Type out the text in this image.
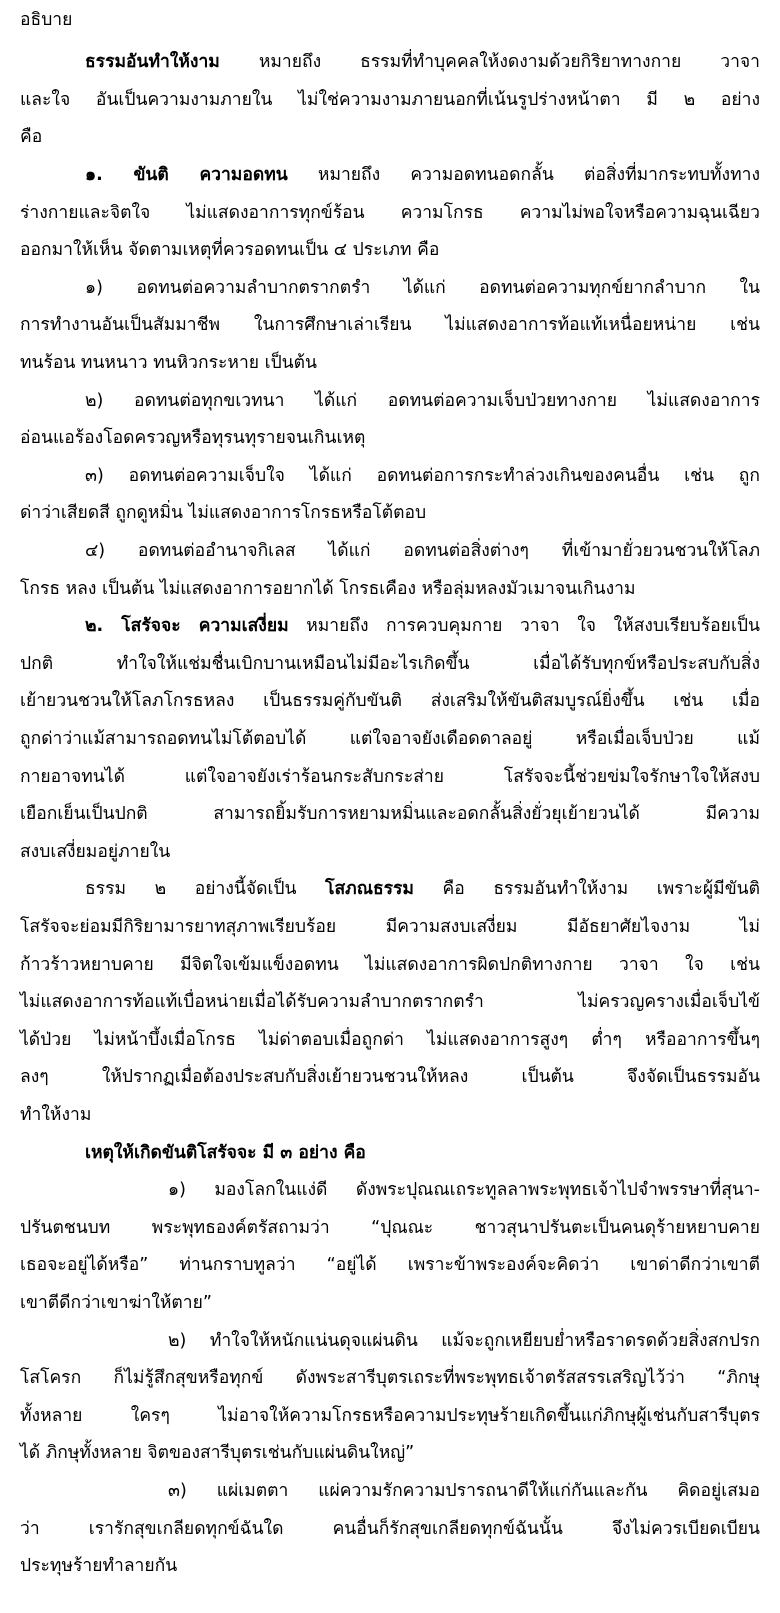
อธิบาย
ธรรมอันทำให้งาม หมายถึง ธรรมที่ทำบุคคลให้งดงามด้วยกิริยาทางกาย วาจา
และใจ อันเป็นความงามภายใน ไม่ใช่ความงามภายนอกที่เน้นรูปร่างหน้าตา มี ๒ อย่าง
คือ
๑. ขันติ ความอดทน หมายถึง ความอดทนอดกลั้น ต่อสิ่งที่มากระทบทั้งทาง
ร่างกายและจิตใจ ไม่แสดงอาการทุกข์ร้อน ความโกรธ ความไม่พอใจหรือความฉุนเฉียว
ออกมาให้เห็น จัดตามเหตุที่ควรอดทนเป็น ๔ ประเภท คือ
๑) อดทนต่อความลำบากตรากตรำ ได้แก่ อดทนต่อความทุกข์ยากลำบาก ใน
การทำงานอันเป็นสัมมาชีพ ในการศึกษาเล่าเรียน ไม่แสดงอาการท้อแท้เหนื่อยหน่าย เช่น
ทนร้อน ทนหนาว ทนหิวกระหาย เป็นต้น
๒) อดทนต่อทุกขเวทนา ได้แก่ อดทนต่อความเจ็บป่วยทางกาย ไม่แสดงอาการ
อ่อนแอร้องโอดครวญหรือทุรนทุรายจนเกินเหตุ
๓) อดทนต่อความเจ็บใจ ได้แก่ อดทนต่อการกระทำล่วงเกินของคนอื่น เช่น ถูก
ด่าว่าเสียดสี ถูกดูหมิ่น ไม่แสดงอาการโกรธหรือโต้ตอบ
๔) อดทนต่ออำนาจกิเลส ได้แก่ อดทนต่อสิ่งต่างๆ ที่เข้ามายั่วยวนชวนให้โลภ
โกรธ หลง เป็นต้น ไม่แสดงอาการอยากได้ โกรธเคือง หรือลุ่มหลงมัวเมาจนเกินงาม
๒. โสรัจจะ ความเสงี่ยม หมายถึง การควบคุมกาย วาจา ใจ ให้สงบเรียบร้อยเป็น
ปกติ ทำใจให้แช่มชื่นเบิกบานเหมือนไม่มีอะไรเกิดขึ้น เมื่อได้รับทุกข์หรือประสบกับสิ่ง
เย้ายวนชวนให้โลภโกรธหลง เป็นธรรมคู่กับขันติ ส่งเสริมให้ขันติสมบูรณ์ยิ่งขึ้น เช่น เมื่อ
ถูกด่าว่าแม้สามารถอดทนไม่โต้ตอบได้ แต่ใจอาจยังเดือดดาลอยู่ หรือเมื่อเจ็บป่วย แม้
กายอาจทนได้ แต่ใจอาจยังเร่าร้อนกระสับกระส่าย โสรัจจะนี้ช่วยข่มใจรักษาใจให้สงบ
เยือกเย็นเป็นปกติ สามารถยิ้มรับการหยามหมิ่นและอดกลั้นสิ่งยั่วยุเย้ายวนได้ มีความ
สงบเสงี่ยมอยู่ภายใน
ธรรม ๒ อย่างนี้จัดเป็น โสภณธรรม คือ ธรรมอันทำให้งาม เพราะผู้มีขันติ
โสรัจจะย่อมมีกิริยามารยาทสุภาพเรียบร้อย มีความสงบเสงี่ยม มีอัธยาศัยไจงาม ไม่
ก้าวร้าวหยาบคาย มีจิตใจเข้มแข็งอดทน ไม่แสดงอาการผิดปกติทางกาย วาจา ใจ เช่น
ไม่แสดงอาการท้อแท้เบื่อหน่ายเมื่อได้รับความลำบากตรากตรำ ไม่ครวญครางเมื่อเจ็บไข้
ได้ป่วย ไม่หน้าบึ้งเมื่อโกรธ ไม่ด่าตอบเมื่อถูกด่า ไม่แสดงอาการสูงๆ ต่ำๆ หรืออาการขึ้นๆ
ลงๆ ให้ปรากฏเมื่อต้องประสบกับสิ่งเย้ายวนชวนให้หลง เป็นต้น จึงจัดเป็นธรรมอัน
ทำให้งาม
เหตุให้เกิดขันติโสรัจจะ มี ๓ อย่าง คือ
๑) มองโลกในแง่ดี ดังพระปุณณเถระทูลลาพระพุทธเจ้าไปจำพรรษาที่สุนา-
ปรันตชนบท พระพุทธองค์ตรัสถามว่า “ปุณณะ ชาวสุนาปรันตะเป็นคนดุร้ายหยาบคาย
เธอจะอยู่ได้หรือ” ท่านกราบทูลว่า “อยู่ได้ เพราะข้าพระองค์จะคิดว่า เขาด่าดีกว่าเขาตี
เขาตีดีกว่าเขาฆ่าให้ตาย”
๒) ทำใจให้หนักแน่นดุจแผ่นดิน แม้จะถูกเหยียบย่ำหรือราดรดด้วยสิ่งสกปรก
โสโครก ก็ไม่รู้สึกสุขหรือทุกข์ ดังพระสารีบุตรเถระที่พระพุทธเจ้าตรัสสรรเสริญไว้ว่า “ภิกษุ
ทั้งหลาย ใครๆ ไม่อาจให้ความโกรธหรือความประทุษร้ายเกิดขึ้นแก่ภิกษุผู้เช่นกับสารีบุตร
ได้ ภิกษุทั้งหลาย จิตของสารีบุตรเช่นกับแผ่นดินใหญ่”
๓) แผ่เมตตา แผ่ความรักความปรารถนาดีให้แก่กันและกัน คิดอยู่เสมอ
ว่า เรารักสุขเกลียดทุกข์ฉันใด คนอื่นก็รักสุขเกลียดทุกข์ฉันนั้น จึงไม่ควรเบียดเบียน
ประทุษร้ายทำลายกัน
